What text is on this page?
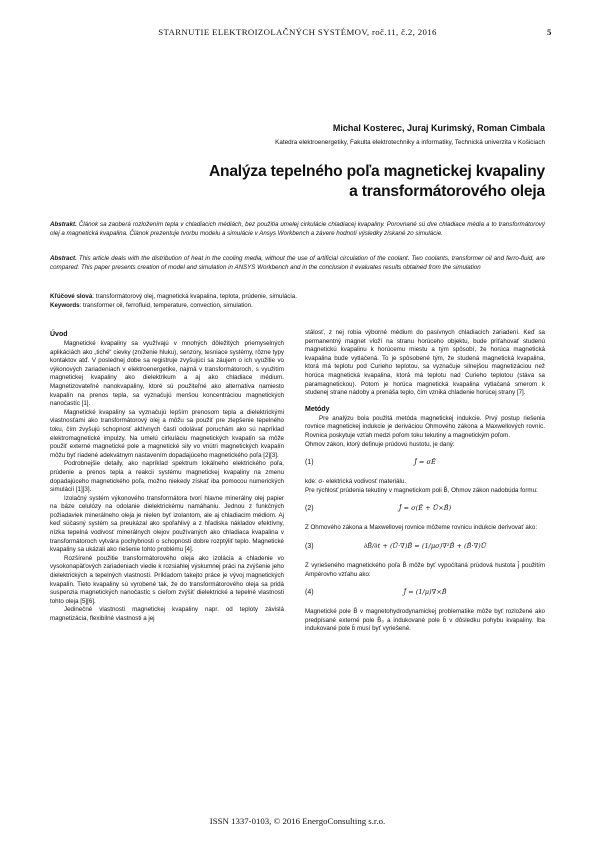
STARNUTIE ELEKTROIZOLAČNÝCH SYSTÉMOV, roč.11, č.2, 2016	5
Michal Kosterec, Juraj Kurimský, Roman Cimbala
Katedra elektroenergetiky, Fakulta elektrotechniky a informatiky, Technická univerzita v Košiciach
Analýza tepelného poľa magnetickej kvapaliny
a transformátorového oleja
Abstrakt. Článok sa zaoberá rozložením tepla v chladiacich médiách, bez použitia umelej cirkulácie chladiacej kvapaliny. Porovnané sú dve chladiace média a to transformátorový olej a magnetická kvapalina. Článok prezentuje tvorbu modelu a simulácie v Ansys Workbench a závere hodnotí výsledky získané zo simulácie.
Abstract. This article deals with the distribution of heat in the cooling media, without the use of artificial circulation of the coolant. Two coolants, transformer oil and ferro-fluid, are compared. This paper presents creation of model and simulation in ANSYS Workbench and in the conclusion it evaluates results obtained from the simulation
Kľúčové slová: transformátorový olej, magnetická kvapalina, teplota, prúdenie, simulácia.
Keywords: transformer oil, ferrofluid, temperature, convection, simulation.
Úvod

Magnetické kvapaliny sa využívajú v mnohých dôležitých priemyselných aplikáciách ako „tiché“ cievky (zníženie hluku), senzory, tesniace systémy, rôzne typy kontaktov atď. V poslednej dobe sa registruje zvyšujúci sa záujem o ich využitie vo výkonových zariadeniach v elektroenergetike, najmä v transformátoroch, s využitím magnetickej kvapaliny ako dielektrikum a aj ako chladiace médium. Magnetizovateľné nanokvapaliny, ktoré sú použiteľné ako alternatíva namiesto kvapalín na prenos tepla, sa vyznačujú menšou koncentráciou magnetických nanočastíc [1].

Magnetické kvapaliny sa vyznačujú lepším prenosom tepla a dielektrickými vlastnosťami ako transformátorový olej a môžu sa použiť pre zlepšenie tepelného toku, čím zvyšujú schopnosť aktívnych častí odolávať poruchám ako sú napríklad elektromagnetické impulzy. Na umelú cirkuláciu magnetických kvapalín sa môže použiť externé magnetické pole a magnetické sily vo vnútri magnetických kvapalín môžu byť riadené adekvátnym nastavením dopadajúceho magnetického poľa [2][3].

Podrobnejšie detaily, ako napríklad spektrum lokálneho elektrického poľa, prúdenie a prenos tepla a reakcii systému magnetickej kvapaliny na zmenu dopadajúceho magnetického poľa, možno niekedy získať iba pomocou numerických simulácií [1][3].

Izolačný systém výkonového transformátora tvorí hlavne minerálny olej papier na báze celulózy na odolanie dielektrickému namáhaniu. Jednou z funkčných požiadaviek minerálneho oleja je nielen byť izolantom, ale aj chladiacim médiom. Aj keď súčasný systém sa preukázal ako spoľahlivý a z hľadiska nákladov efektívny, nízka tepelná vodivosť minerálnych olejov používaných ako chladiaca kvapalina v transformátoroch vytvára pochybnosti o schopnosti dobre rozptýliť teplo. Magnetické kvapaliny sa ukázali ako riešenie tohto problému [4].

Rozšírené použitie transformátorového oleja ako izolácia a chladenie vo vysokonapäťových zariadeniach viedie k rozsiahlej výskumnej práci na zvýšenie jeho dielektrických a tepelných vlastností. Príkladom takejto práce je vývoj magnetických kvapalín. Tieto kvapaliny sú vyrobené tak, že do transformátorového oleja sa pridá suspenzia magnetických nanočastíc s cieľom zvýšiť dielektrické a tepelné vlastnosti tohto oleja [5][6].

Jedinečné vlastnosti magnetickej kvapaliny napr. od teploty závislá magnetizácia, flexibilné vlastnosti a jej

stálosť, z nej robia výborné médium do pasívnych chladiacich zariadení. Keď sa permanentný magnet vloží na stranu horúceho objektu, bude priťahovať studenú magnetickú kvapalinu k horúcemu miestu a tým spôsobí, že horúca magnetická kvapalina bude vytlačená. To je spôsobené tým, že studená magnetická kvapalina, ktorá má teplotu pod Curieho teplotou, sa vyznačuje silnejšou magnetizáciou než horúca magnetická kvapalina, ktorá má teplotu nad Curieho teplotou (stáva sa paramagnetickou). Potom je horúca magnetická kvapalina vytlačaná smerom k studenej strane nádoby a prenáša teplo, čím vzniká chladenie horúcej strany [7].

Metódy

Pre analýzu bola použitá metóda magnetickej indukcie. Prvý postup riešenia rovnice magnetickej indukcie je deriváciou Ohmového zákona a Maxwellových rovníc. Rovnica poskytuje vzťah medzi poľom toku tekutiny a magnetickým poľom.

Ohmov zákon, ktorý definuje prúdovú hustotu, je daný:

(1)	J̄ = σĒ

kde: σ- elektrická vodivosť materiálu.

Pre rýchlosť prúdenia tekutiny v magnetickom poli B̄, Ohmov zákon nadobúda formu:

(2)	J̄ = σ(Ē + Ū×B̄)

Z Ohmového zákona a Maxwellovej rovnice môžeme rovnicu indukcie derivovať ako:

(3)	∂B̄/∂t + (Ū·∇)B̄ = (1/μσ)∇²B̄ + (B̄·∇)Ū

Z vyriešeného magnetického poľa B̄ môže byť vypočítaná prúdová hustota j̄ použitím Ampérovho vzťahu ako:

(4)	J̄ = (1/μ)∇×B̄

Magnetické pole B̄ v magnetohydrodynamickej problematike môže byť rozložené ako predpísané externé pole B̄₀ a indukované pole b̄ v dôsledku pohybu kvapaliny. Iba indukované pole b̄ musí byť vyriešené.

ISSN 1337-0103, © 2016 EnergoConsulting s.r.o.
